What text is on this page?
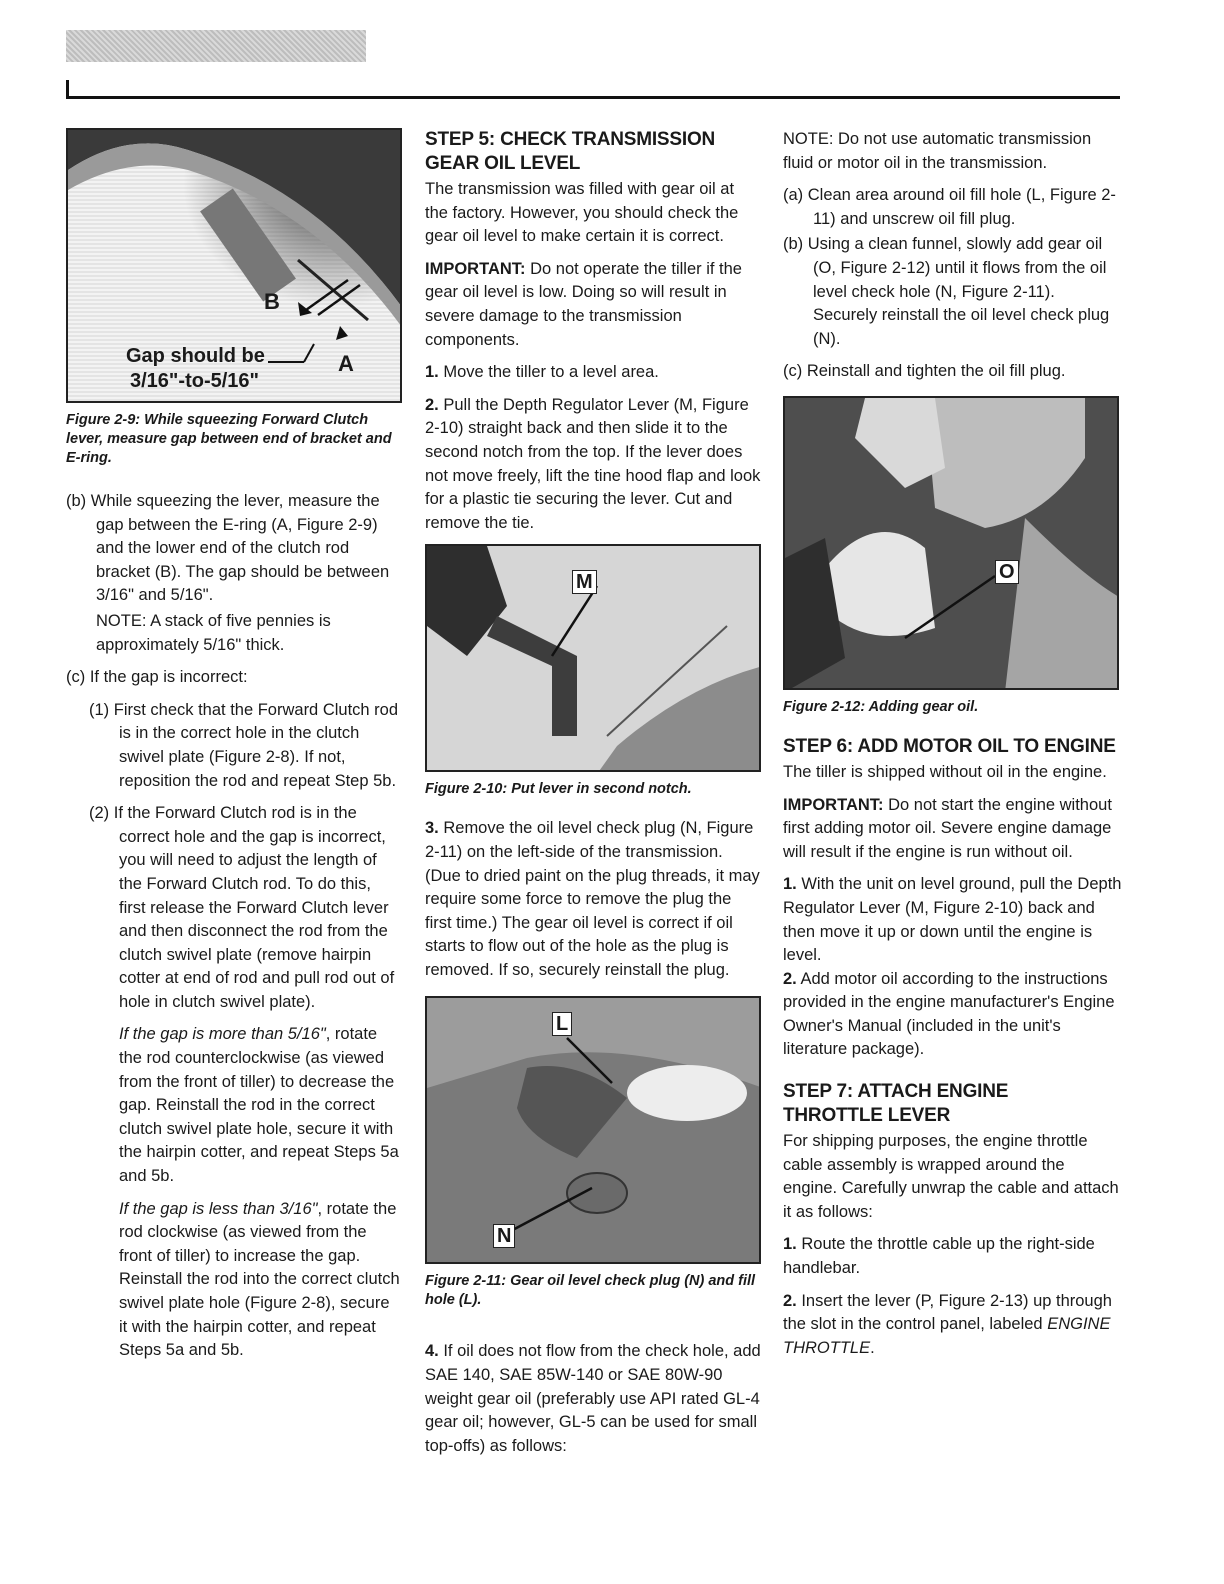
B
A
Gap should be
3/16"-to-5/16"

Figure 2-9: While squeezing Forward Clutch lever, measure gap between end of bracket and E-ring.

(b) While squeezing the lever, measure the gap between the E-ring (A, Figure 2-9) and the lower end of the clutch rod bracket (B). The gap should be between 3/16" and 5/16".

NOTE: A stack of five pennies is approximately 5/16" thick.

(c) If the gap is incorrect:

(1) First check that the Forward Clutch rod is in the correct hole in the clutch swivel plate (Figure 2-8). If not, reposition the rod and repeat Step 5b.

(2) If the Forward Clutch rod is in the correct hole and the gap is incorrect, you will need to adjust the length of the Forward Clutch rod. To do this, first release the Forward Clutch lever and then disconnect the rod from the clutch swivel plate (remove hairpin cotter at end of rod and pull rod out of hole in clutch swivel plate).

If the gap is more than 5/16", rotate the rod counterclockwise (as viewed from the front of tiller) to decrease the gap. Reinstall the rod in the correct clutch swivel plate hole, secure it with the hairpin cotter, and repeat Steps 5a and 5b.

If the gap is less than 3/16", rotate the rod clockwise (as viewed from the front of tiller) to increase the gap. Reinstall the rod into the correct clutch swivel plate hole (Figure 2-8), secure it with the hairpin cotter, and repeat Steps 5a and 5b.

STEP 5: CHECK TRANSMISSION GEAR OIL LEVEL

The transmission was filled with gear oil at the factory. However, you should check the gear oil level to make certain it is correct.

IMPORTANT: Do not operate the tiller if the gear oil level is low. Doing so will result in severe damage to the transmission components.

1. Move the tiller to a level area.

2. Pull the Depth Regulator Lever (M, Figure 2-10) straight back and then slide it to the second notch from the top. If the lever does not move freely, lift the tine hood flap and look for a plastic tie securing the lever. Cut and remove the tie.

M

Figure 2-10: Put lever in second notch.

3. Remove the oil level check plug (N, Figure 2-11) on the left-side of the transmission. (Due to dried paint on the plug threads, it may require some force to remove the plug the first time.) The gear oil level is correct if oil starts to flow out of the hole as the plug is removed. If so, securely reinstall the plug.

L
N

Figure 2-11: Gear oil level check plug (N) and fill hole (L).

4. If oil does not flow from the check hole, add SAE 140, SAE 85W-140 or SAE 80W-90 weight gear oil (preferably use API rated GL-4 gear oil; however, GL-5 can be used for small top-offs) as follows:

NOTE: Do not use automatic transmission fluid or motor oil in the transmission.

(a) Clean area around oil fill hole (L, Figure 2-11) and unscrew oil fill plug.

(b) Using a clean funnel, slowly add gear oil (O, Figure 2-12) until it flows from the oil level check hole (N, Figure 2-11). Securely reinstall the oil level check plug (N).

(c) Reinstall and tighten the oil fill plug.

O

Figure 2-12: Adding gear oil.

STEP 6: ADD MOTOR OIL TO ENGINE

The tiller is shipped without oil in the engine.

IMPORTANT: Do not start the engine without first adding motor oil. Severe engine damage will result if the engine is run without oil.

1. With the unit on level ground, pull the Depth Regulator Lever (M, Figure 2-10) back and then move it up or down until the engine is level.

2. Add motor oil according to the instructions provided in the engine manufacturer's Engine Owner's Manual (included in the unit's literature package).

STEP 7: ATTACH ENGINE THROTTLE LEVER

For shipping purposes, the engine throttle cable assembly is wrapped around the engine. Carefully unwrap the cable and attach it as follows:

1. Route the throttle cable up the right-side handlebar.

2. Insert the lever (P, Figure 2-13) up through the slot in the control panel, labeled ENGINE THROTTLE.
